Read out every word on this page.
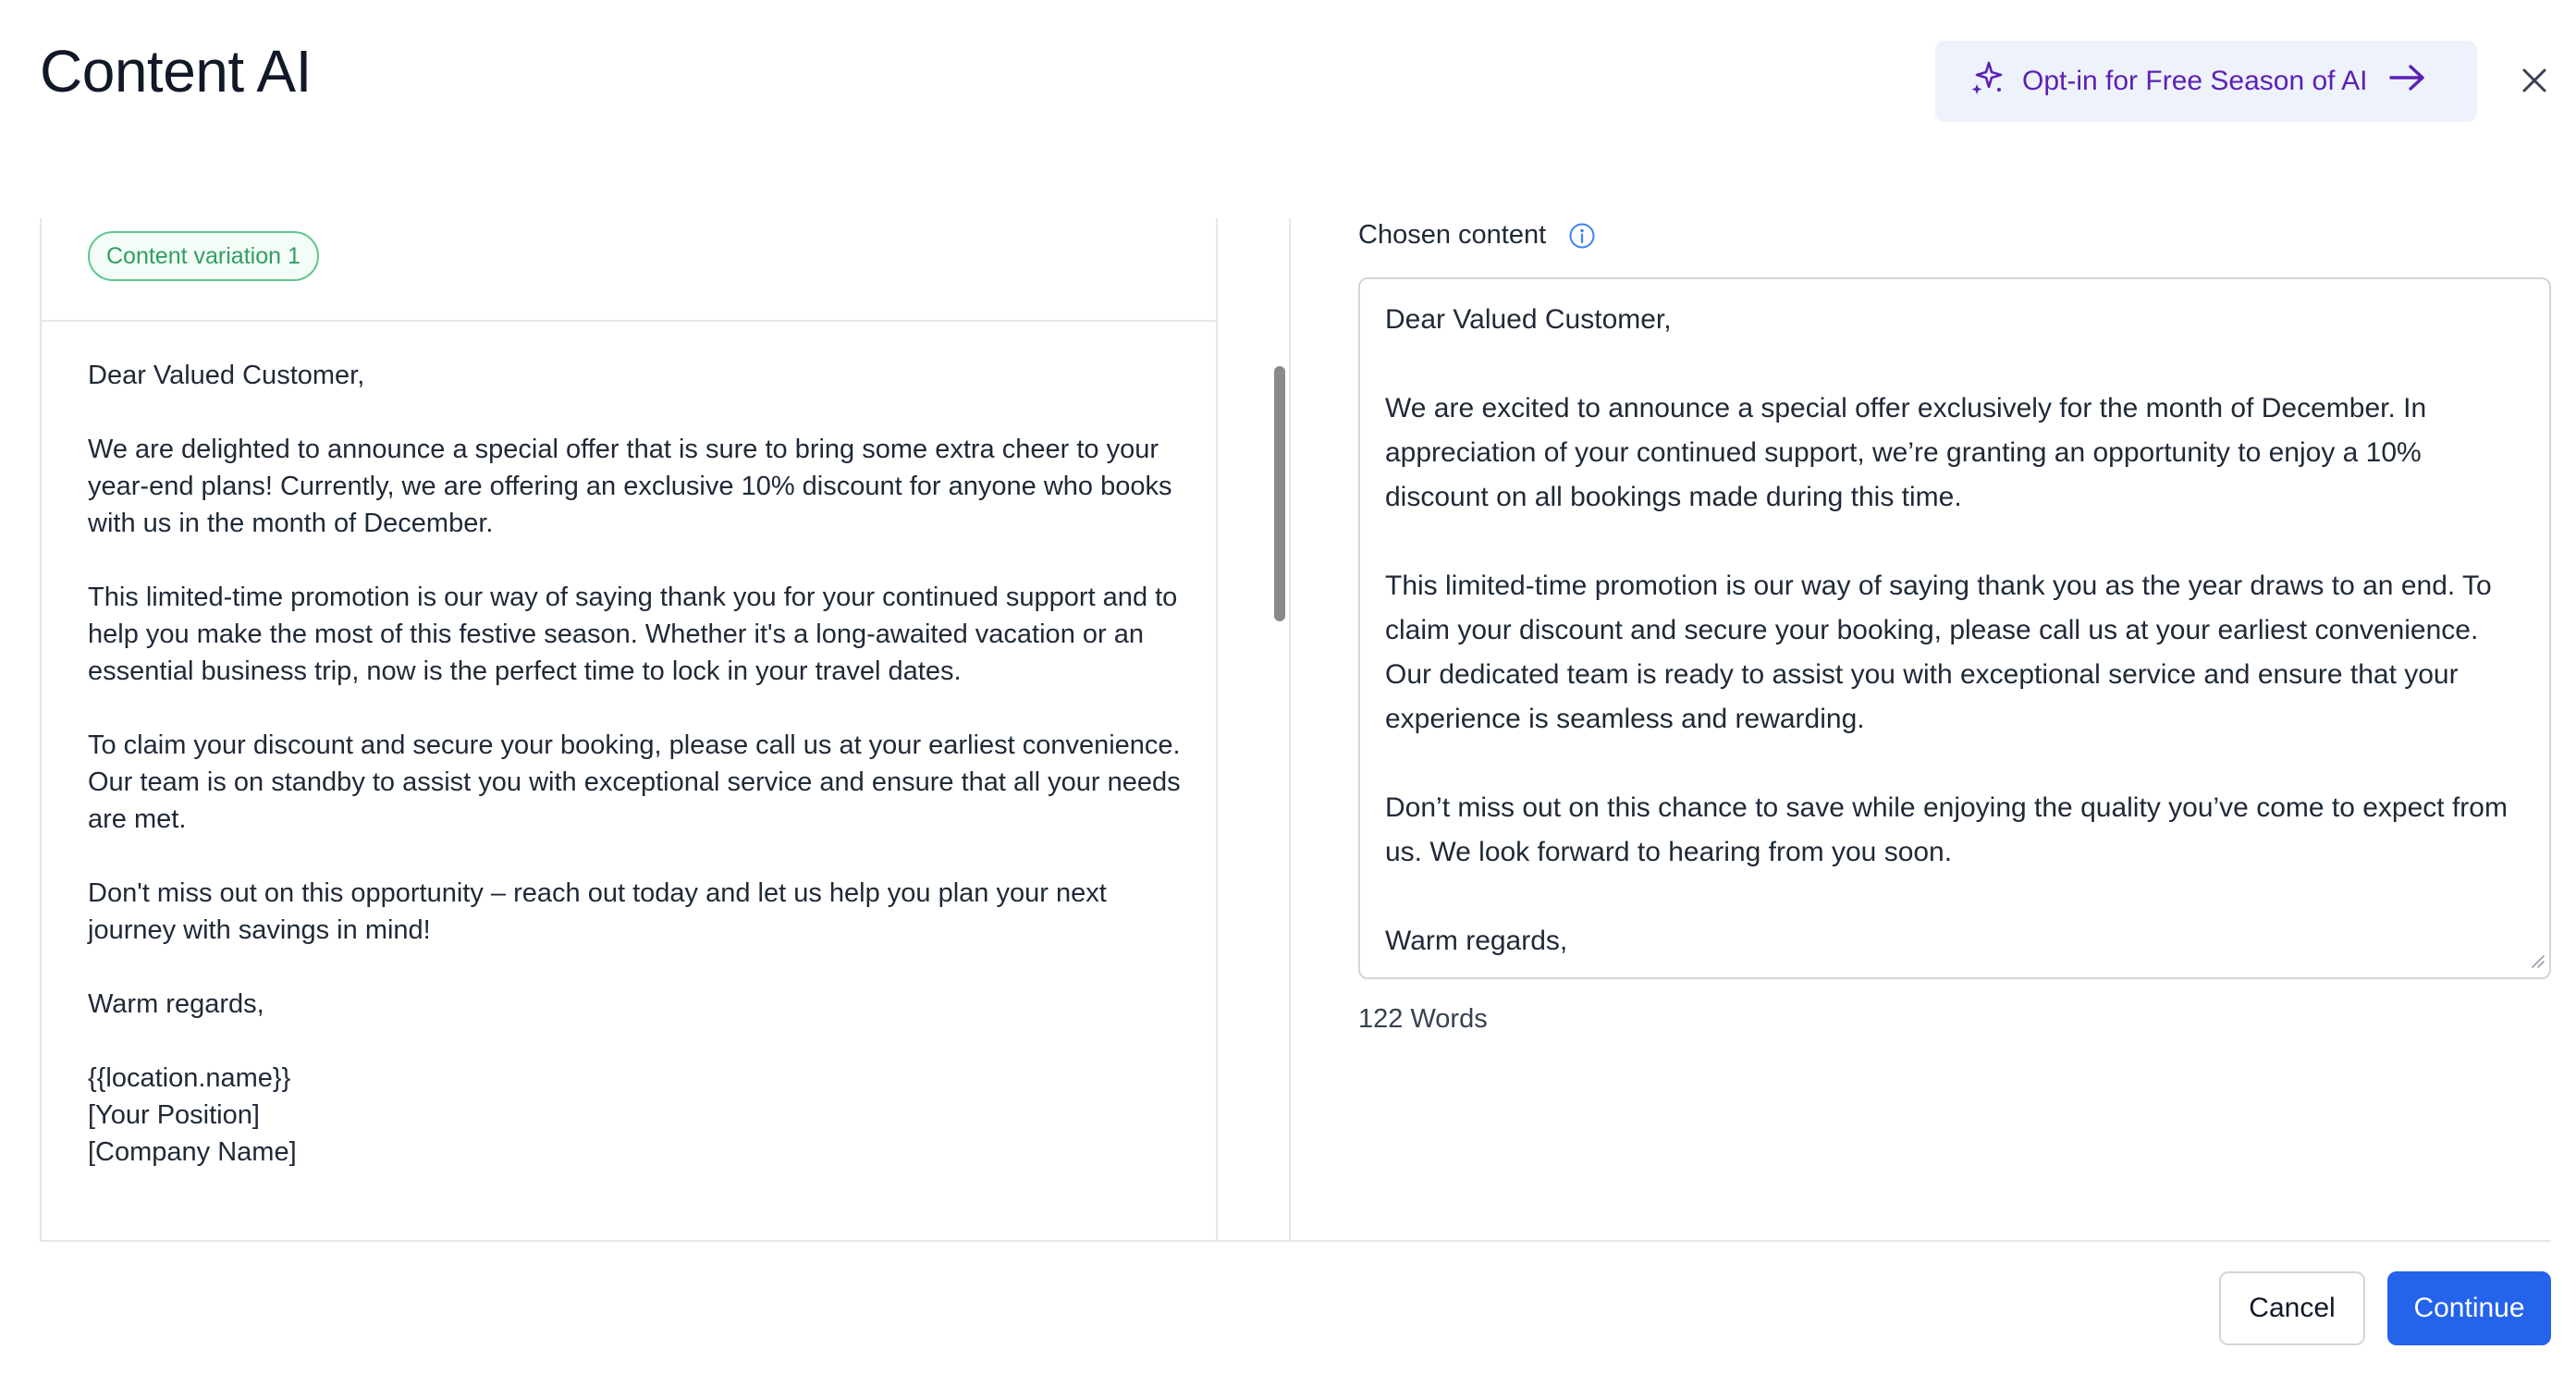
Content AI	Opt-in for Free Season of AI
Content variation 1

Dear Valued Customer,

We are delighted to announce a special offer that is sure to bring some extra cheer to your year-end plans! Currently, we are offering an exclusive 10% discount for anyone who books with us in the month of December.

This limited-time promotion is our way of saying thank you for your continued support and to help you make the most of this festive season. Whether it's a long-awaited vacation or an essential business trip, now is the perfect time to lock in your travel dates.

To claim your discount and secure your booking, please call us at your earliest convenience. Our team is on standby to assist you with exceptional service and ensure that all your needs are met.

Don't miss out on this opportunity – reach out today and let us help you plan your next journey with savings in mind!

Warm regards,

{{location.name}}
[Your Position]
[Company Name]

Chosen content

Dear Valued Customer,

We are excited to announce a special offer exclusively for the month of December. In appreciation of your continued support, we’re granting an opportunity to enjoy a 10% discount on all bookings made during this time.

This limited-time promotion is our way of saying thank you as the year draws to an end. To claim your discount and secure your booking, please call us at your earliest convenience. Our dedicated team is ready to assist you with exceptional service and ensure that your experience is seamless and rewarding.

Don’t miss out on this chance to save while enjoying the quality you’ve come to expect from us. We look forward to hearing from you soon.

Warm regards,

122 Words
Cancel	Continue
